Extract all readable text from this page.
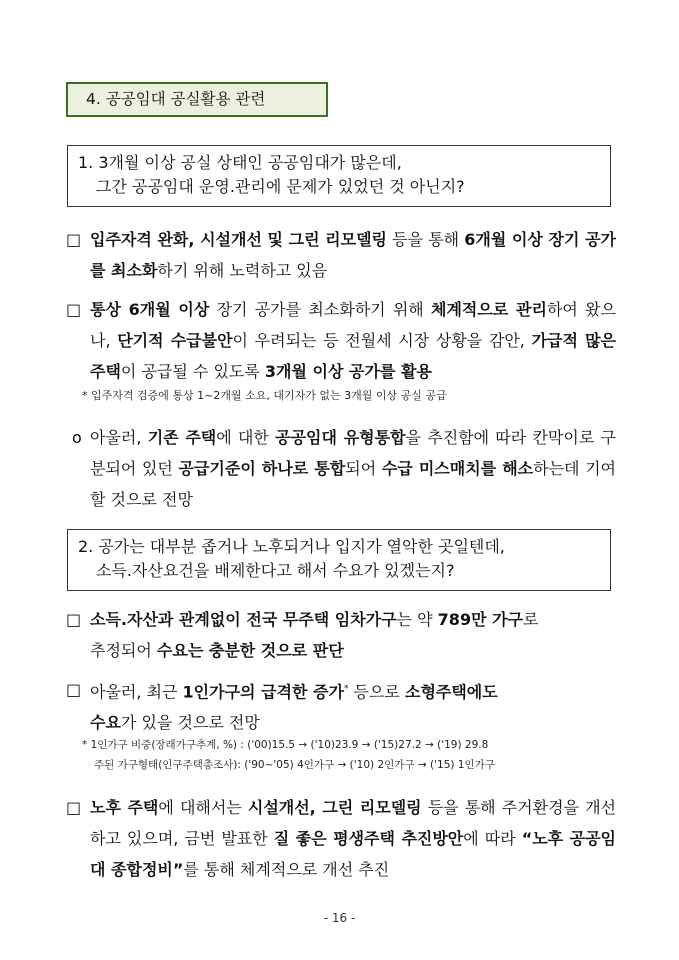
4. 공공임대 공실활용 관련
1. 3개월 이상 공실 상태인 공공임대가 많은데,
그간 공공임대 운영.관리에 문제가 있었던 것 아닌지?
□ 입주자격 완화, 시설개선 및 그린 리모델링 등을 통해 6개월 이상 장기 공가를 최소화하기 위해 노력하고 있음
□ 통상 6개월 이상 장기 공가를 최소화하기 위해 체계적으로 관리하여 왔으나, 단기적 수급불안이 우려되는 등 전월세 시장 상황을 감안, 가급적 많은 주택이 공급될 수 있도록 3개월 이상 공가를 활용
* 입주자격 검증에 통상 1~2개월 소요, 대기자가 없는 3개월 이상 공실 공급
ο 아울러, 기존 주택에 대한 공공임대 유형통합을 추진함에 따라 칸막이로 구분되어 있던 공급기준이 하나로 통합되어 수급 미스매치를 해소하는데 기여할 것으로 전망
2. 공가는 대부분 좁거나 노후되거나 입지가 열악한 곳일텐데,
소득.자산요건을 배제한다고 해서 수요가 있겠는지?
□ 소득.자산과 관계없이 전국 무주택 임차가구는 약 789만 가구로
추정되어 수요는 충분한 것으로 판단
□ 아울러, 최근 1인가구의 급격한 증가* 등으로 소형주택에도
수요가 있을 것으로 전망
* 1인가구 비중(장래가구추계, %) : ('00)15.5 → ('10)23.9 → ('15)27.2 → ('19) 29.8
주된 가구형태(인구주택총조사): ('90~'05) 4인가구 → ('10) 2인가구 → ('15) 1인가구
□ 노후 주택에 대해서는 시설개선, 그린 리모델링 등을 통해 주거환경을 개선하고 있으며, 금번 발표한 질 좋은 평생주택 추진방안에 따라 “노후 공공임대 종합정비”를 통해 체계적으로 개선 추진
- 16 -
